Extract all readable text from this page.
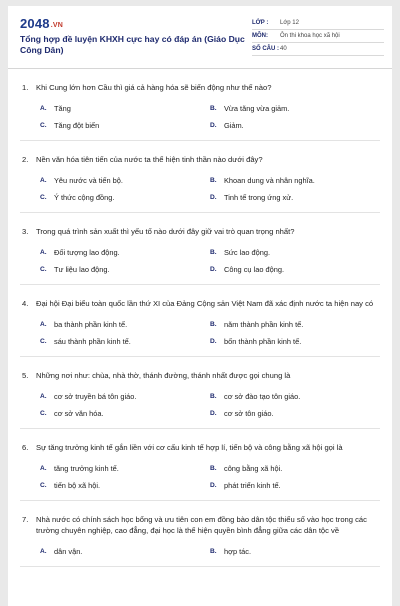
2048.VN
Tổng hợp đề luyện KHXH cực hay có đáp án (Giáo Dục Công Dân)
LỚP :	Lớp 12
MÔN:	Ôn thi khoa học xã hội
SỐ CÂU : 40
1.	Khi Cung lớn hơn Cầu thì giá cả hàng hóa sẽ biến động như thế nào?
A.	Tăng	B.	Vừa tăng vừa giảm.
C.	Tăng đột biến	D.	Giảm.
2.	Nền văn hóa tiên tiến của nước ta thể hiện tinh thần nào dưới đây?
A.	Yêu nước và tiến bộ.	B.	Khoan dung và nhân nghĩa.
C.	Ý thức cộng đồng.	D.	Tinh tế trong ứng xử.
3.	Trong quá trình sản xuất thì yếu tố nào dưới đây giữ vai trò quan trọng nhất?
A.	Đối tượng lao động.	B.	Sức lao động.
C.	Tư liệu lao động.	D.	Công cụ lao động.
4.	Đại hội Đại biểu toàn quốc lần thứ XI của Đảng Cộng sản Việt Nam đã xác định nước ta hiện nay có
A.	ba thành phần kinh tế.	B.	năm thành phần kinh tế.
C.	sáu thành phần kinh tế.	D.	bốn thành phần kinh tế.
5.	Những nơi như: chùa, nhà thờ, thánh đường, thánh nhất được gọi chung là
A.	cơ sở truyền bá tôn giáo.	B.	cơ sở đào tạo tôn giáo.
C.	cơ sở văn hóa.	D.	cơ sở tôn giáo.
6.	Sự tăng trưởng kinh tế gắn liền với cơ cấu kinh tế hợp lí, tiến bộ và công bằng xã hội gọi là
A.	tăng trưởng kinh tế.	B.	công bằng xã hội.
C.	tiến bộ xã hội.	D.	phát triển kinh tế.
7.	Nhà nước có chính sách học bổng và ưu tiên con em đồng bào dân tộc thiểu số vào học trong các trường chuyên nghiệp, cao đẳng, đại học là thể hiện quyền bình đẳng giữa các dân tộc về
A.	dân vận.	B.	hợp tác.
